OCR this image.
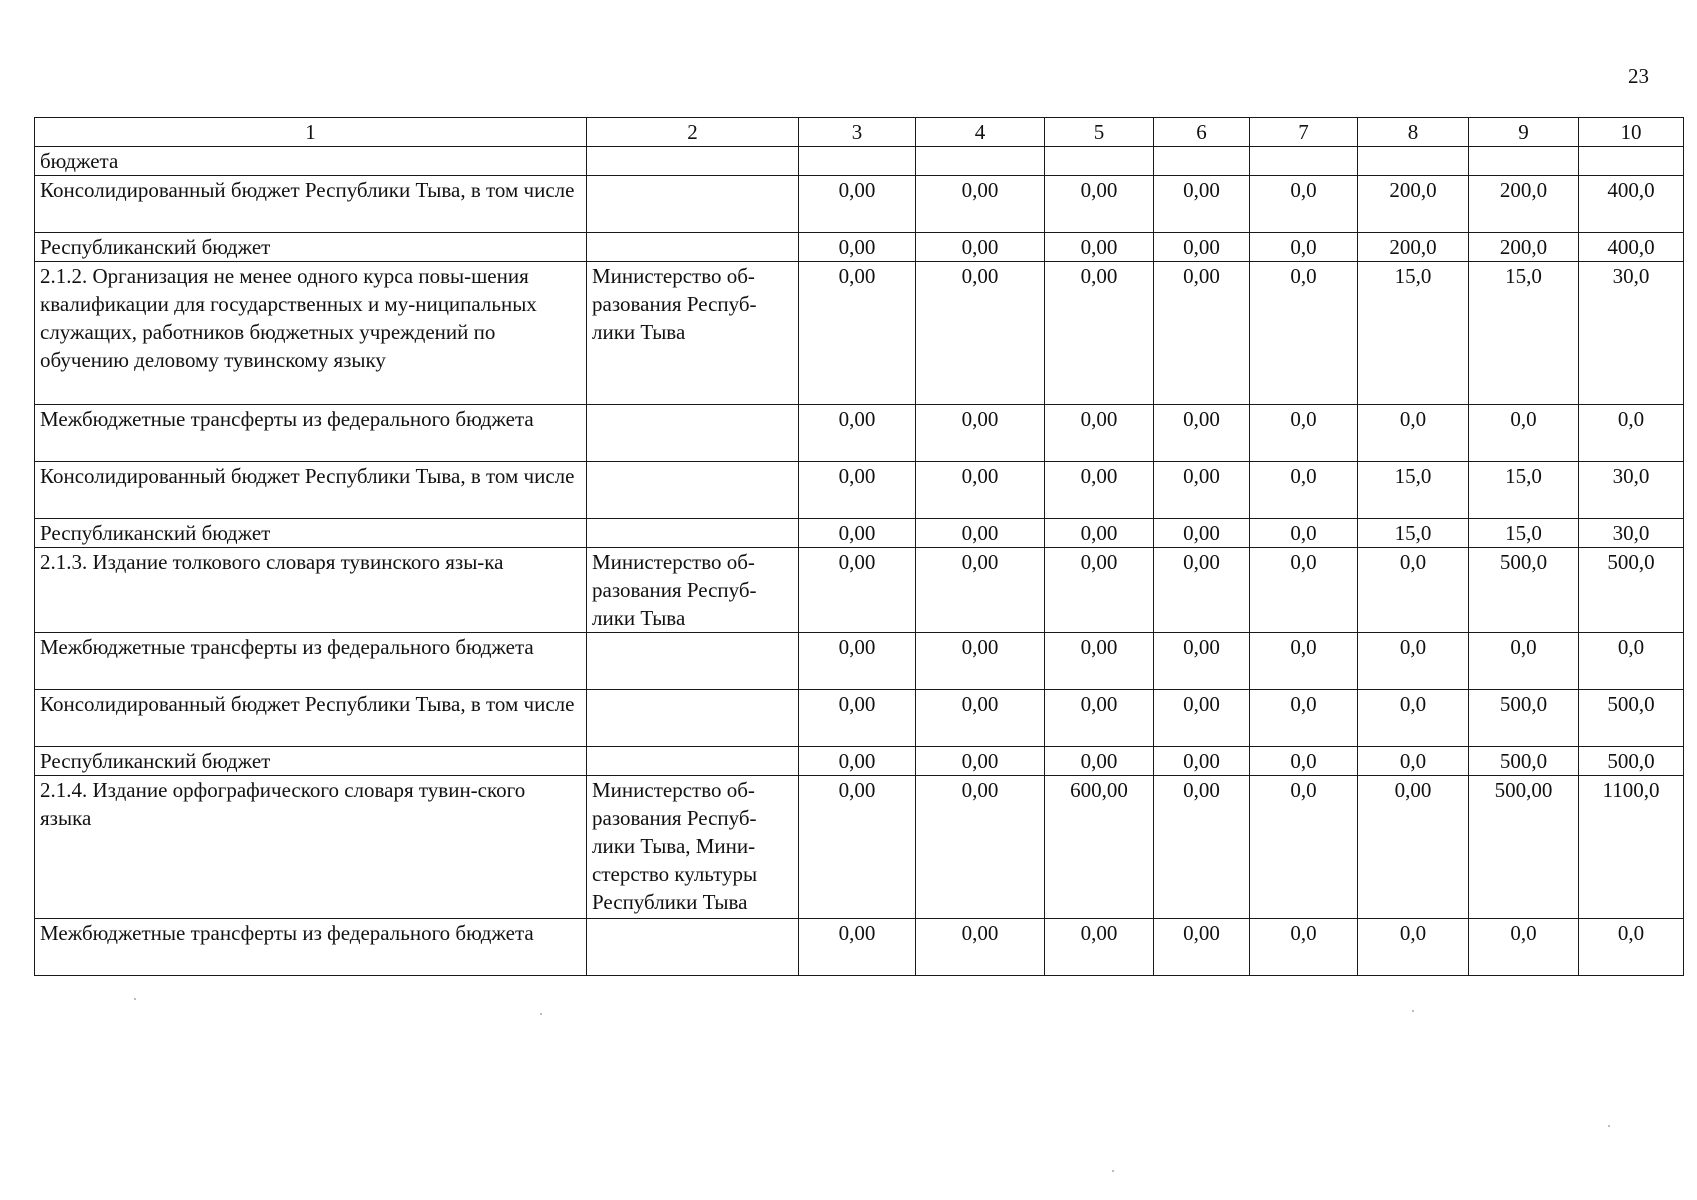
23
1	2	3	4	5	6	7	8	9	10
бюджета									
Консолидированный бюджет Республики Тыва, в том числе		0,00	0,00	0,00	0,00	0,0	200,0	200,0	400,0
Республиканский бюджет		0,00	0,00	0,00	0,00	0,0	200,0	200,0	400,0
2.1.2. Организация не менее одного курса повы-шения квалификации для государственных и му-ниципальных служащих, работников бюджетных учреждений по обучению деловому тувинскому языку	Министерство об-разования Респуб-лики Тыва	0,00	0,00	0,00	0,00	0,0	15,0	15,0	30,0
Межбюджетные трансферты из федерального бюджета		0,00	0,00	0,00	0,00	0,0	0,0	0,0	0,0
Консолидированный бюджет Республики Тыва, в том числе		0,00	0,00	0,00	0,00	0,0	15,0	15,0	30,0
Республиканский бюджет		0,00	0,00	0,00	0,00	0,0	15,0	15,0	30,0
2.1.3. Издание толкового словаря тувинского язы-ка	Министерство об-разования Респуб-лики Тыва	0,00	0,00	0,00	0,00	0,0	0,0	500,0	500,0
Межбюджетные трансферты из федерального бюджета		0,00	0,00	0,00	0,00	0,0	0,0	0,0	0,0
Консолидированный бюджет Республики Тыва, в том числе		0,00	0,00	0,00	0,00	0,0	0,0	500,0	500,0
Республиканский бюджет		0,00	0,00	0,00	0,00	0,0	0,0	500,0	500,0
2.1.4. Издание орфографического словаря тувин-ского языка	Министерство об-разования Респуб-лики Тыва, Мини-стерство культуры Республики Тыва	0,00	0,00	600,00	0,00	0,0	0,00	500,00	1100,0
Межбюджетные трансферты из федерального бюджета		0,00	0,00	0,00	0,00	0,0	0,0	0,0	0,0
